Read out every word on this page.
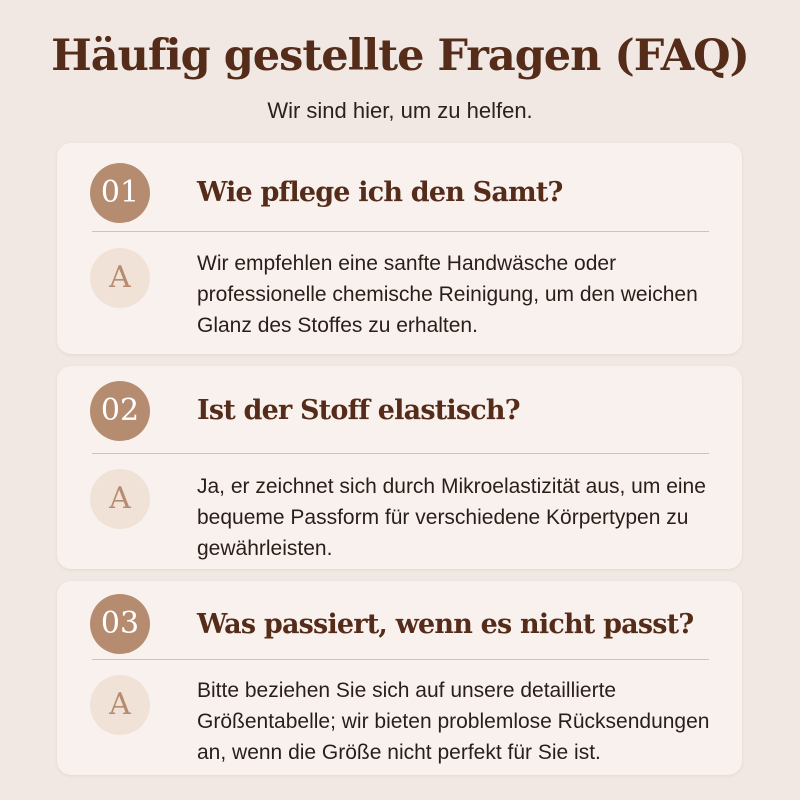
Häufig gestellte Fragen (FAQ)

Wir sind hier, um zu helfen.

01	Wie pflege ich den Samt?
A	Wir empfehlen eine sanfte Handwäsche oder professionelle chemische Reinigung, um den weichen Glanz des Stoffes zu erhalten.
02	Ist der Stoff elastisch?
A	Ja, er zeichnet sich durch Mikroelastizität aus, um eine bequeme Passform für verschiedene Körpertypen zu gewährleisten.
03	Was passiert, wenn es nicht passt?
A	Bitte beziehen Sie sich auf unsere detaillierte Größentabelle; wir bieten problemlose Rücksendungen an, wenn die Größe nicht perfekt für Sie ist.
